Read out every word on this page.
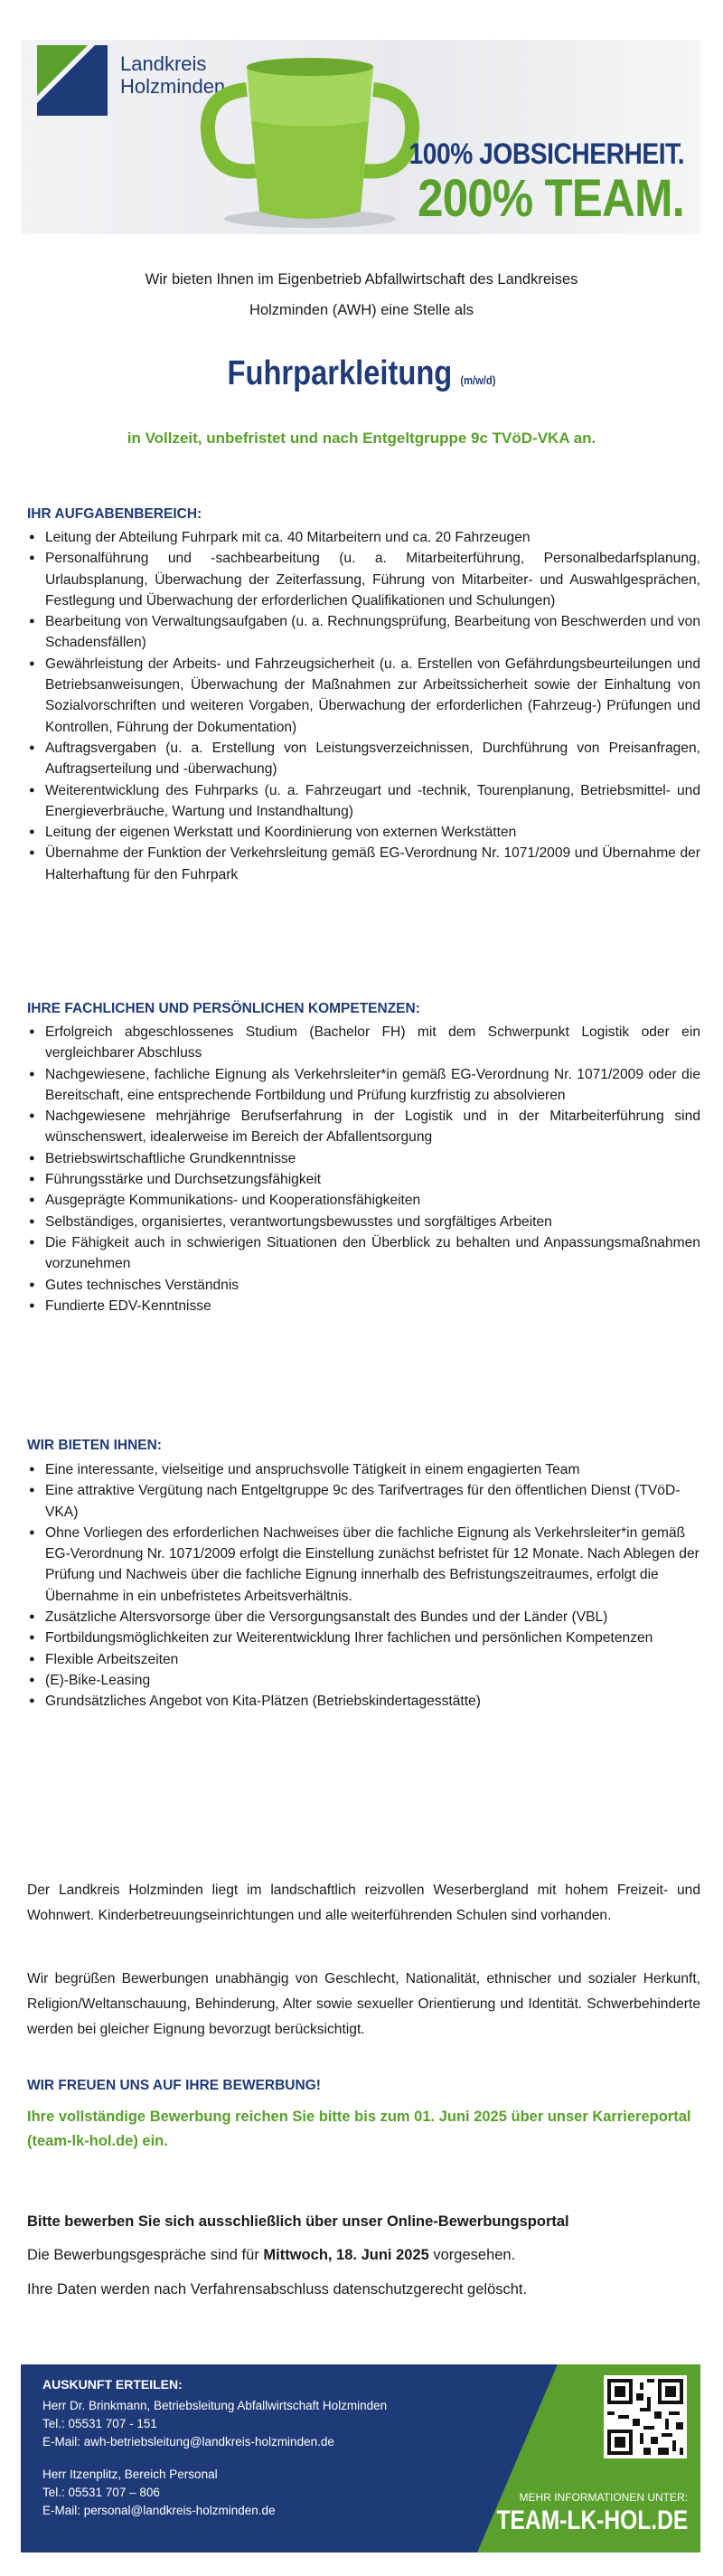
Landkreis
Holzminden
100% JOBSICHERHEIT.
200% TEAM.
Wir bieten Ihnen im Eigenbetrieb Abfallwirtschaft des Landkreises
Holzminden (AWH) eine Stelle als
Fuhrparkleitung (m/w/d)
in Vollzeit, unbefristet und nach Entgeltgruppe 9c TVöD-VKA an.
IHR AUFGABENBEREICH:
● Leitung der Abteilung Fuhrpark mit ca. 40 Mitarbeitern und ca. 20 Fahrzeugen
● Personalführung und -sachbearbeitung (u. a. Mitarbeiterführung, Personalbedarfsplanung, Urlaubsplanung, Überwachung der Zeiterfassung, Führung von Mitarbeiter- und Auswahlgesprächen, Festlegung und Überwachung der erforderlichen Qualifikationen und Schulungen)
● Bearbeitung von Verwaltungsaufgaben (u. a. Rechnungsprüfung, Bearbeitung von Beschwerden und von Schadensfällen)
● Gewährleistung der Arbeits- und Fahrzeugsicherheit (u. a. Erstellen von Gefährdungsbeurteilungen und Betriebsanweisungen, Überwachung der Maßnahmen zur Arbeitssicherheit sowie der Einhaltung von Sozialvorschriften und weiteren Vorgaben, Überwachung der erforderlichen (Fahrzeug-) Prüfungen und Kontrollen, Führung der Dokumentation)
● Auftragsvergaben (u. a. Erstellung von Leistungsverzeichnissen, Durchführung von Preisanfragen, Auftragserteilung und -überwachung)
● Weiterentwicklung des Fuhrparks (u. a. Fahrzeugart und -technik, Tourenplanung, Betriebsmittel- und Energieverbräuche, Wartung und Instandhaltung)
● Leitung der eigenen Werkstatt und Koordinierung von externen Werkstätten
● Übernahme der Funktion der Verkehrsleitung gemäß EG-Verordnung Nr. 1071/2009 und Übernahme der Halterhaftung für den Fuhrpark
IHRE FACHLICHEN UND PERSÖNLICHEN KOMPETENZEN:
● Erfolgreich abgeschlossenes Studium (Bachelor FH) mit dem Schwerpunkt Logistik oder ein vergleichbarer Abschluss
● Nachgewiesene, fachliche Eignung als Verkehrsleiter*in gemäß EG-Verordnung Nr. 1071/2009 oder die Bereitschaft, eine entsprechende Fortbildung und Prüfung kurzfristig zu absolvieren
● Nachgewiesene mehrjährige Berufserfahrung in der Logistik und in der Mitarbeiterführung sind wünschenswert, idealerweise im Bereich der Abfallentsorgung
● Betriebswirtschaftliche Grundkenntnisse
● Führungsstärke und Durchsetzungsfähigkeit
● Ausgeprägte Kommunikations- und Kooperationsfähigkeiten
● Selbständiges, organisiertes, verantwortungsbewusstes und sorgfältiges Arbeiten
● Die Fähigkeit auch in schwierigen Situationen den Überblick zu behalten und Anpassungsmaßnahmen vorzunehmen
● Gutes technisches Verständnis
● Fundierte EDV-Kenntnisse
WIR BIETEN IHNEN:
● Eine interessante, vielseitige und anspruchsvolle Tätigkeit in einem engagierten Team
● Eine attraktive Vergütung nach Entgeltgruppe 9c des Tarifvertrages für den öffentlichen Dienst (TVöD-VKA)
● Ohne Vorliegen des erforderlichen Nachweises über die fachliche Eignung als Verkehrsleiter*in gemäß EG-Verordnung Nr. 1071/2009 erfolgt die Einstellung zunächst befristet für 12 Monate. Nach Ablegen der Prüfung und Nachweis über die fachliche Eignung innerhalb des Befristungszeitraumes, erfolgt die Übernahme in ein unbefristetes Arbeitsverhältnis.
● Zusätzliche Altersvorsorge über die Versorgungsanstalt des Bundes und der Länder (VBL)
● Fortbildungsmöglichkeiten zur Weiterentwicklung Ihrer fachlichen und persönlichen Kompetenzen
● Flexible Arbeitszeiten
● (E)-Bike-Leasing
● Grundsätzliches Angebot von Kita-Plätzen (Betriebskindertagesstätte)
Der Landkreis Holzminden liegt im landschaftlich reizvollen Weserbergland mit hohem Freizeit- und Wohnwert. Kinderbetreuungseinrichtungen und alle weiterführenden Schulen sind vorhanden.
Wir begrüßen Bewerbungen unabhängig von Geschlecht, Nationalität, ethnischer und sozialer Herkunft, Religion/Weltanschauung, Behinderung, Alter sowie sexueller Orientierung und Identität. Schwerbehinderte werden bei gleicher Eignung bevorzugt berücksichtigt.
WIR FREUEN UNS AUF IHRE BEWERBUNG!
Ihre vollständige Bewerbung reichen Sie bitte bis zum 01. Juni 2025 über unser Karriereportal (team-lk-hol.de) ein.
Bitte bewerben Sie sich ausschließlich über unser Online-Bewerbungsportal
Die Bewerbungsgespräche sind für Mittwoch, 18. Juni 2025 vorgesehen.
Ihre Daten werden nach Verfahrensabschluss datenschutzgerecht gelöscht.
AUSKUNFT ERTEILEN:
Herr Dr. Brinkmann, Betriebsleitung Abfallwirtschaft Holzminden
Tel.: 05531 707 - 151
E-Mail: awh-betriebsleitung@landkreis-holzminden.de
Herr Itzenplitz, Bereich Personal
Tel.: 05531 707 – 806
E-Mail: personal@landkreis-holzminden.de
MEHR INFORMATIONEN UNTER:
TEAM-LK-HOL.DE
